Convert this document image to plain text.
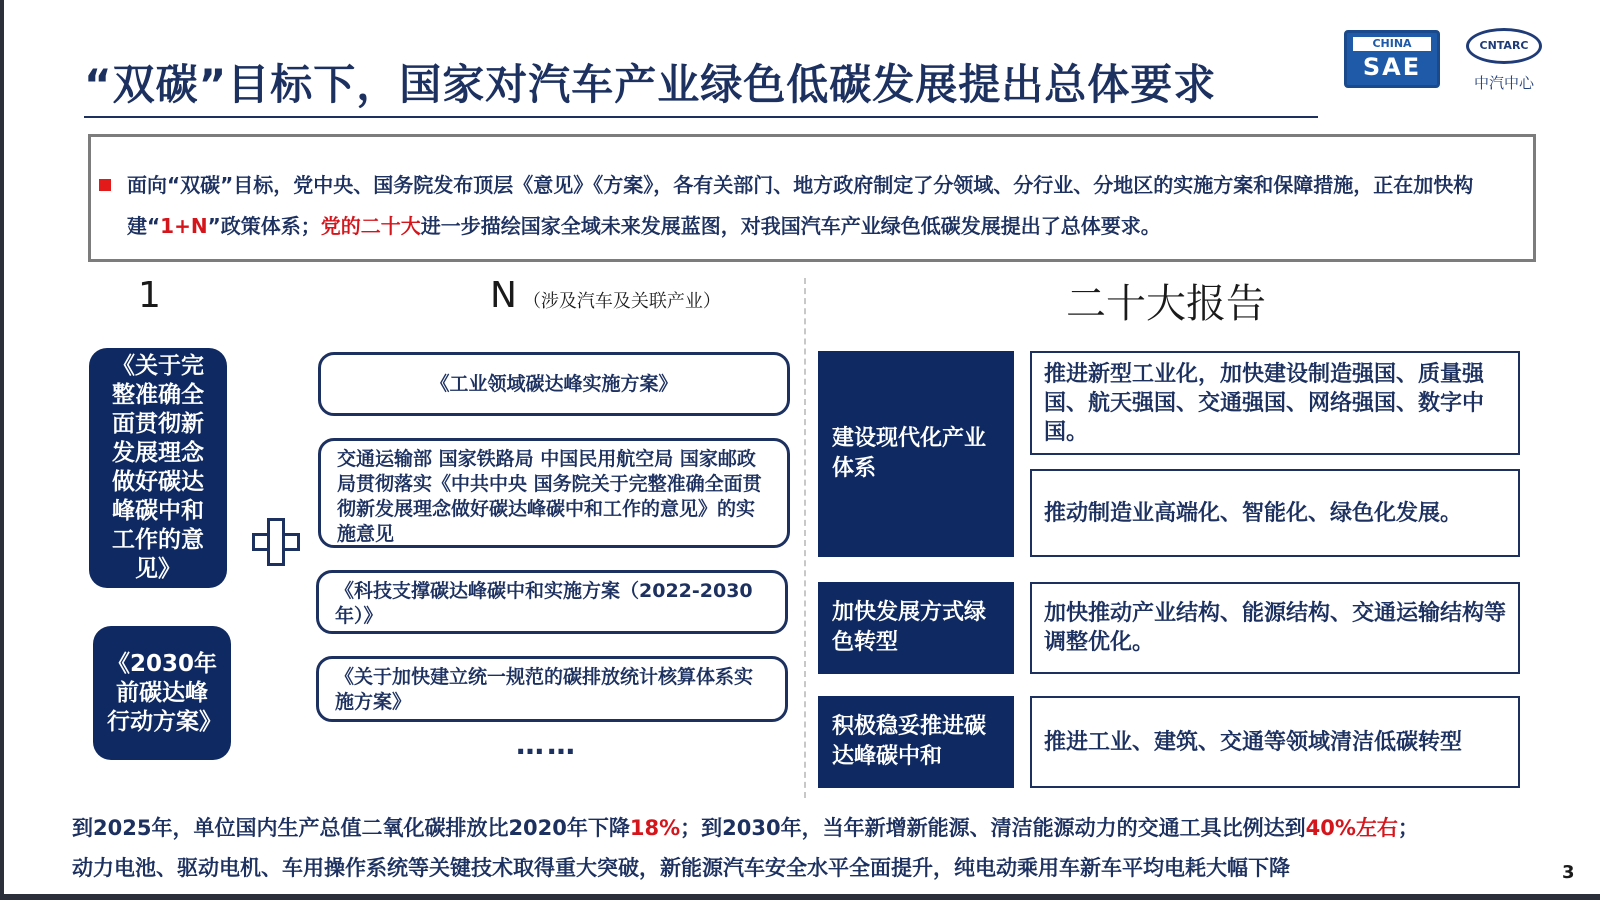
“双碳”目标下，国家对汽车产业绿色低碳发展提出总体要求
CHINA
SAE
CNTARC
中汽中心
面向“双碳”目标，党中央、国务院发布顶层《意见》《方案》，各有关部门、地方政府制定了分领域、分行业、分地区的实施方案和保障措施，正在加快构建“1+N”政策体系；党的二十大进一步描绘国家全域未来发展蓝图，对我国汽车产业绿色低碳发展提出了总体要求。
1	N （涉及汽车及关联产业）	二十大报告
《关于完整准确全面贯彻新发展理念做好碳达峰碳中和工作的意见》
《2030年前碳达峰行动方案》
《工业领域碳达峰实施方案》
交通运输部 国家铁路局 中国民用航空局 国家邮政局贯彻落实《中共中央 国务院关于完整准确全面贯彻新发展理念做好碳达峰碳中和工作的意见》的实施意见
《科技支撑碳达峰碳中和实施方案（2022-2030年）》
《关于加快建立统一规范的碳排放统计核算体系实施方案》
……
建设现代化产业体系
推进新型工业化，加快建设制造强国、质量强国、航天强国、交通强国、网络强国、数字中国。
推动制造业高端化、智能化、绿色化发展。
加快发展方式绿色转型
加快推动产业结构、能源结构、交通运输结构等调整优化。
积极稳妥推进碳达峰碳中和
推进工业、建筑、交通等领域清洁低碳转型
到2025年，单位国内生产总值二氧化碳排放比2020年下降18%；到2030年，当年新增新能源、清洁能源动力的交通工具比例达到40%左右；
动力电池、驱动电机、车用操作系统等关键技术取得重大突破，新能源汽车安全水平全面提升，纯电动乘用车新车平均电耗大幅下降	3
